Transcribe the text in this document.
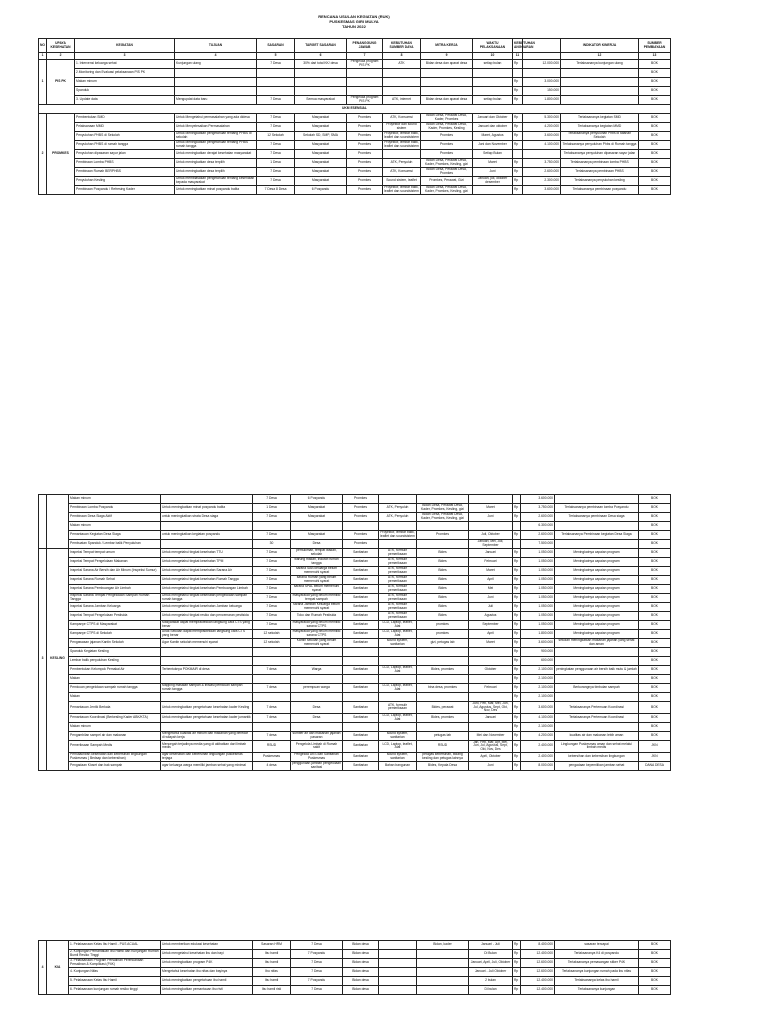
RENCANA USULAN KEGIATAN (RUK)
PUSKESMAS GIRI MULYA
TAHUN 2022
NO	UPAYA KESEHATAN	KEGIATAN	TUJUAN	SASARAN	TARGET SASARAN	PENANGGUNG JAWAB	KEBUTUHAN SUMBER DAYA	MITRA KERJA	WAKTU PELAKSANAAN	KEBUTUHAN ANGGARAN		INDIKATOR KINERJA	SUMBER PEMBIAYAAN
1	2	3	4	5	6	7	8	9	10	11		12	13
1	PIS PK	1. Intervensi keluarga sehat	Kunjungan ulang	7 Desa	30% dari total KK/ desa	Pengelola program PIS PK	ATK	Bidan desa dan aparat desa	setiap bulan	Rp	12.000.000	Terlaksananya kunjungan ulang	BOK
		2.Monitoring dan Evaluasi pelaksanaan PIS PK											BOK
		Makan minum								Rp	3.000.000		BOK
		Spanduk								Rp	150.000		BOK
		3. Update data	Mengupdat data baru	7 Desa	Semua masyarakat	Pengelola program PIS PK	ATK, internet	Bidan desa dan aparat desa	setiap bulan	Rp	1.800.000		BOK
UKM ESENSIAL													
2	PROMKES	Pembentukan SMD	Untuk Mengetahui permasalahan yang ada didesa	7 Desa	Masyarakat	Promkes	ATK, Konsumsi	Bidan Desa, Perawat Desa, Kader, Promkes	Januari dan Oktober	Rp	5.300.000	Terlaksananya kegiatan SMD	BOK
		Pelaksanaan MMD	Untuk Menyelesaikan Permasalahan	7 Desa	Masyarakat	Promkes	Proyektor dan sound sistem	Bidan Desa, Perawat Desa, Kader, Promkes, Kesling	Januari dan oktober	Rp	4.200.000	Terlaksananya kegiatan MMD	BOK
		Penyuluhan PHBS di Sekolah	Untuk Meningkatkan pengetahuan tentang PHBS di sekolah	12 Sekolah	Sekolah SD, SMP, SMA	Promkes	Proyektor, lembar balik, leaflet dan soundsistem	Promkes	Maret, Agustus	Rp	3.600.000	Terlaksananya penyuluhan Phbs di tatanan Sekolah	BOK
		Penyuluhan PHBS di rumah tangga	Untuk Meningkatkan pengetahuan tentang PHBS rumah tangga	7 Desa	Masyarakat	Promkes	Proyektor, lembar balik, leaflet dan soundsistem	Promkes	Juni dan November	Rp	4.100.000	Terlaksananya penyuluhan Phbs di Rumah tangga	BOK
		Penyuluhan dipasaran sayur jalan	Untuk meningkatkan derajat kesehatan masyarakat	7 Desa	Masyarakat	Promkes		Promkes	Setiap Bulan			Terlaksananya penyuluhan dipasaran sayur jalan	BOK
		Pembinaan Lomba PHBS	Untuk meningkatkan desa terpilih	1 Desa	Masyarakat	Promkes	ATK, Penyuluh	Bidan Desa, Perawat Desa, Kader, Promkes, Kesling, gizi	Maret	Rp	3.750.000	Terlaksananya pembinaan lomba PHBS	BOK
		Pembinaan Rumah BERPHBS	Untuk meningkatkan desa terpilih	7 Desa	Masyarakat	Promkes	ATK, Konsumsi	Bidan Desa, Perawat Desa, Promkes	Juni	Rp	2.600.000	Terlaksananya pembinaan PHBS	BOK
		Penyuluhan Kesling	Untuk membiasakan pengetahuan tentang kesehatan kepada masyarakat	7 Desa	Masyarakat	Promkes	Sound sistem, leaflet	Promkes, Perawat, Gizi	Januari, juli, oktober desember	Rp	2.300.000	Terlaksananya penyuluhan kesling	BOK
		Pembinaan Posyandu / Refresing Kader	Untuk meningkatkan minat posyandu balita	7 Desa 8 Desa	6 Posyandu	Promkes	Proyektor, lembar balik, leaflet dan soundsistem	Bidan Desa, Perawat Desa, Kader, Promkes, Kesling, gizi		Rp	3.600.000	Terlaksananya pembinaan posyandu	BOK
		Makan minum		7 Desa	6 Posyandu	Promkes					3.600.000		BOK
		Pembinaan Lomba Posyandu	Untuk meningkatkan minat posyandu balita	1 Desa	Masyarakat	Promkes	ATK, Penyuluh	Bidan Desa, Perawat Desa, Kader, Promkes, Kesling, gizi	Maret	Rp	3.750.000	Terlaksananya pembinaan lomba Posyandu	BOK
		Pembinaan Desa Siaga Aktif	untuk meningkatkan strata Desa siaga	7 Desa	Masyarakat	Promkes	ATK, Penyuluh	Bidan Desa, Perawat Desa, Kader, Promkes, Kesling, gizi	Juni	Rp	2.600.000	Terlaksananya pembinaan Desa siaga	BOK
		Makan minum									6.300.000		BOK
		Pemantauan Kegiatan Desa Siaga	untuk meningkatkan kegiatan posyandu	7 Desa	Masyarakat	Promkes	Proyektor, lembar balik, leaflet dan soundsistem	Promkes	Juli, Oktober	Rp	2.600.000	Terlaksananya Pembinaan kegiatan Desa Siaga	BOK
		Pembuatan Spanduk / Lembar balik Penyuluhan		30	Desa	Promkes			Januari, Mei, Juli, September		7.500.000		BOK
3	KESLING	Inspeksi Tempat tempat umum	Untuk mengetahui tingkat kesehatan TTU	7 Desa	pemukiman, tempat ibadah, sekolah	Sanitarian	ATK, formulir pemeriksaan	Bides	Januari	Rp	1.050.000	Meningkatnya capaian program	BOK
		Inspeksi Tempat Pengelolaan Makanan	Untuk mengetahui tingkat kesehatan TPM	7 Desa	warung makan, industri rumah tangga	Sanitarian	ATK, formulir pemeriksaan	Bides	Februari	Rp	1.050.000	Meningkatnya capaian program	BOK
		Inspeksi Sarana Air Bersih dan Air Minum (Inspeksi Sumur)	Untuk mengetahui tingkat kesehatan Sarana Air	7 Desa	sarana SAB keluarga belum memenuhi syarat	Sanitarian	ATK, formulir pemeriksaan	Bides	Maret	Rp	1.050.000	Meningkatnya capaian program	BOK
		Inspeksi Sarana Rumah Sehat	Untuk mengetahui tingkat kesehatan Rumah Tangga	7 Desa	sarana Rumah yang belum memenuhi syarat	Sanitarian	ATK, formulir pemeriksaan	Bides	April	Rp	1.050.000	Meningkatnya capaian program	BOK
		Inspeksi Sarana Pembuangan Air Limbah	Untuk mengetahui tingkat kesehatan Pembuangan Limbah	7 Desa	sarana SPAL belum memenuhi syarat	Sanitarian	ATK, formulir pemeriksaan	Bides	Mei	Rp	1.050.000	Meningkatnya capaian program	BOK
		Inspeksi Sarana Tempat Pengelolaan Sampah Rumah Tangga	Untuk mengetahui tingkat kesehatan pengelolaan sampah rumah tangga	7 Desa	masyarakat yang belum memiliki tempat sampah	Sanitarian	ATK, formulir pemeriksaan	Bides	Juni	Rp	1.050.000	Meningkatnya capaian program	BOK
		Inspeksi Sarana Jamban Keluarga	Untuk mengetahui tingkat kesehatan Jamban keluarga	7 Desa	sarana Jamban Keluarga belum memenuhi syarat	Sanitarian	ATK, formulir pemeriksaan	Bides	Juli	Rp	1.050.000	Meningkatnya capaian program	BOK
		Inspeksi Tempat Pengelolaan Pestisida	Untuk mengetahui tingkat resiko dan pencemaran pestisida	7 Desa	Toko dan Rumah Pestisida	Sanitarian	ATK, formulir pemeriksaan	Bides	Agustus	Rp	1.050.000	Meningkatnya capaian program	BOK
		Kampanye CTPS di Masyarakat	Masyarakat dapat mempraktekkan langsung cara CTS yang benar	7 Desa	masyarakat yang belum memiliki sarana CTPS	Sanitarian	LCD, Laptop, leaflet, Alat	promkes	September	Rp	1.050.000	Meningkatnya capaian program	BOK
		Kampanye CTPS di Sekolah	Anak Sekolah dapat mempraktekkan langsung cara CTS yang benar	12 sekolah	masyarakat yang belum memiliki sarana CTPS	Sanitarian	LCD, Laptop, leaflet, Alat	promkes	April	Rp	1.800.000	Meningkatnya capaian program	BOK
		Pengawasan jajanan Kantin Sekolah	Agar Kantin sekolah memenuhi syarat	12 sekolah	Kantin sekolah yang belum memenuhi syarat	Sanitarian	sound system, sanitarian	gizi, petugas lab	Maret	Rp	3.600.000	sekolah meningkatkan makanan jajanan yang sehat dan aman	BOK
		Spanduk Kegiatan Kesling								Rp	900.000		BOK
		Lembar balik penyuluhan Kesling								Rp	600.000		BOK
		Pembentukan Kelompok Pemakai Air	Terbentuknya POKMAIR di desa	7 desa	Warga	Sanitarian	LCD, Laptop, leaflet, Alat	Bides, promkes	Oktober	Rp	2.100.000	peningkatan penggunaan air bersih baik mutu & jumlah	BOK
		Makan								Rp	2.100.000		BOK
		Pemicuan pengelolaan sampah rumah tangga	Mapping masalah sampah & inisiasi pemicuan sampah rumah tangga	7 desa	perempuan warga	Sanitarian	LCD, Laptop, leaflet, Alat	bina desa, promkes	Februari	Rp	2.100.000	Berkurangnya timbulan sampah	BOK
		Makan								Rp	2.100.000		BOK
		Pemantauan Jentik Berkala	Untuk meningkatkan pengetahuan kesehatan kader Kesling	7 desa	Desa	Sanitarian	ATK, formulir pemeriksaan	Bides, perawat	Juni, Feb, Mar, Mei, Jun, Jul, Agustus, Sept, Okt, Nov, Des	Rp	3.600.000	Terlaksananya Pertemuan Koordinasi	BOK
		Pemantauan Koordinasi (Berkesling Kader ABK/KTA)	Untuk meningkatkan pengetahuan kesehatan kader jumantik	7 desa	Desa	Sanitarian	LCD, Laptop, leaflet, Alat	Bides, promkes	Januari	Rp	4.100.000	Terlaksananya Pertemuan Koordinasi	BOK
		Makan minum								Rp	2.100.000		BOK
		Pengambilan sampel air dan makanan	Mengetahui kualitas air minum dan makanan yang beredar di wilayah kerja	7 desa	sumber air dan makanan jajanan pasaran	Sanitarian	sound system, sanitarian	petugas lab	Mei dan November	Rp	4.200.000	kualitas air dan makanan lebih aman	BOK
		Pemeriksaan Sampah Medis	Mencegah terjadinya media yang di akibatkan dari limbah medis	RSUD	Pengelola Limbah di Rumah sakit	Sanitarian	LCD, Laptop, leaflet, Alat	RSUD	Jan, Feb, Mar, Apr, Mei, Jun, Jul, Agustus, Sept, Okt, Nov, Des	Rp	2.400.000	Lingkungan Puskesmas aman dan sehat melalui limbah medis	JKN
		Pemutakhiran kesehatan dan kebersihan lingkungan Puskesmas ( Bedsap dan kebersihan)	agar kesehatan dan kebersihan lingkungan puskesmas terjaga	Puskesmas	Pengelola UKS dan Sanitarian Puskesmas	Sanitarian	sound system, sanitarian	petugas kebersihan, bidang kesling dan petugas lainnya	April, Oktober	Rp	2.400.000	kebersihan dan kebersihan lingkungan	JKN
		Pengadaan Kloset dan bak sampah	agar keluarga warga memiliki jamban sehat yang minimal	4 desa	penggunaan jamban pengelolaan sanitasi	Sanitarian	Bahan bangunan	Bides, Kepala Desa	Juni	Rp	8.000.000	pengadaan kepemilikan jamban sehat	DANA DESA
4	KIA	1. Pelaksanaan Kelas Ibu Hamil - PUS ACUAL	Untuk memberikan edukasi kesehatan	Sasaran HRM	7 Desa	Bidan desa		Bidan, kader	Januari - Juli	Rp	8.400.000	sasaran tercapai	BOK
		2. Kunjungan Pemantauan Ibu Hamil dan Kunjungan Rumah Bumil Resiko Tinggi	Untuk mengetahui kesehatan ibu dan bayi	Ibu hamil	7 Posyandu	Bidan desa			Di Bulan	Rp	12.400.000	Terlaksananya K4 di posyandu	BOK
		3. Pelaksanaan Program Persalinan Perencanaan Persalinan & Komplikasi (P4K)	Untuk meningkatkan program P4K	Ibu hamil	7 Desa	Bidan desa			Januari, April, Juli, Oktober	Rp	12.600.000	Terlaksananya pemasangan stiker P4K	BOK
		4. Kunjungan Nifas	Mengetahui kesehatan ibu nifas dan bayinya	Ibu nifas	7 Desa	Bidan desa			Januari - Juli Oktober	Rp	12.600.000	Terlaksananya kunjungan rumah pada ibu nifas	BOK
		5. Pelaksanaan Kelas Ibu Hamil	Untuk meningkatkan pengetahuan ibu hamil	Ibu hamil	7 Posyandu	Bidan desa			2 bulan	Rp	12.400.000	Terlaksananya kelas ibu hamil	BOK
		6. Pelaksanaan kunjungan rumah resiko tinggi	Untuk meningkatkan pemantauan ibu risti	Ibu hamil risti	7 Desa	Bidan desa			Di bulan	Rp	12.400.000	Terlaksananya kunjungan	BOK
